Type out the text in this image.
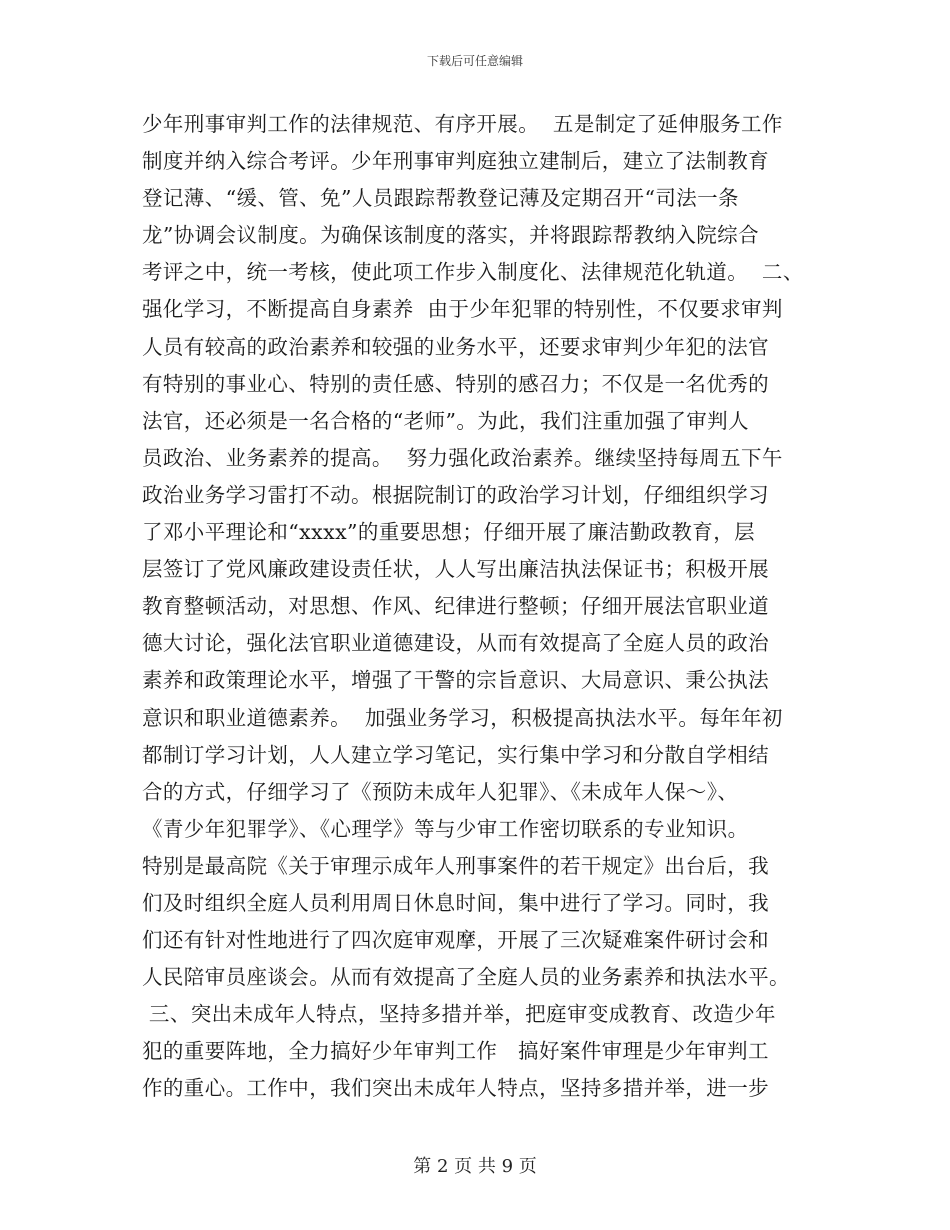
下载后可任意编辑
少年刑事审判工作的法律规范、有序开展。  五是制定了延伸服务工作
制度并纳入综合考评。少年刑事审判庭独立建制后，建立了法制教育
登记薄、“缓、管、免”人员跟踪帮教登记薄及定期召开“司法一条
龙”协调会议制度。为确保该制度的落实，并将跟踪帮教纳入院综合
考评之中，统一考核，使此项工作步入制度化、法律规范化轨道。  二、
强化学习，不断提高自身素养  由于少年犯罪的特别性，不仅要求审判
人员有较高的政治素养和较强的业务水平，还要求审判少年犯的法官
有特别的事业心、特别的责任感、特别的感召力；不仅是一名优秀的
法官，还必须是一名合格的“老师”。为此，我们注重加强了审判人
员政治、业务素养的提高。  努力强化政治素养。继续坚持每周五下午
政治业务学习雷打不动。根据院制订的政治学习计划，仔细组织学习
了邓小平理论和“xxxx”的重要思想；仔细开展了廉洁勤政教育，层
层签订了党风廉政建设责任状，人人写出廉洁执法保证书；积极开展
教育整顿活动，对思想、作风、纪律进行整顿；仔细开展法官职业道
德大讨论，强化法官职业道德建设，从而有效提高了全庭人员的政治
素养和政策理论水平，增强了干警的宗旨意识、大局意识、秉公执法
意识和职业道德素养。  加强业务学习，积极提高执法水平。每年年初
都制订学习计划，人人建立学习笔记，实行集中学习和分散自学相结
合的方式，仔细学习了《预防未成年人犯罪》、《未成年人保～》、
《青少年犯罪学》、《心理学》等与少审工作密切联系的专业知识。
特别是最高院《关于审理示成年人刑事案件的若干规定》出台后，我
们及时组织全庭人员利用周日休息时间，集中进行了学习。同时，我
们还有针对性地进行了四次庭审观摩，开展了三次疑难案件研讨会和
人民陪审员座谈会。从而有效提高了全庭人员的业务素养和执法水平。
三、突出未成年人特点，坚持多措并举，把庭审变成教育、改造少年
犯的重要阵地，全力搞好少年审判工作   搞好案件审理是少年审判工
作的重心。工作中，我们突出未成年人特点，坚持多措并举，进一步
第 2 页 共 9 页
